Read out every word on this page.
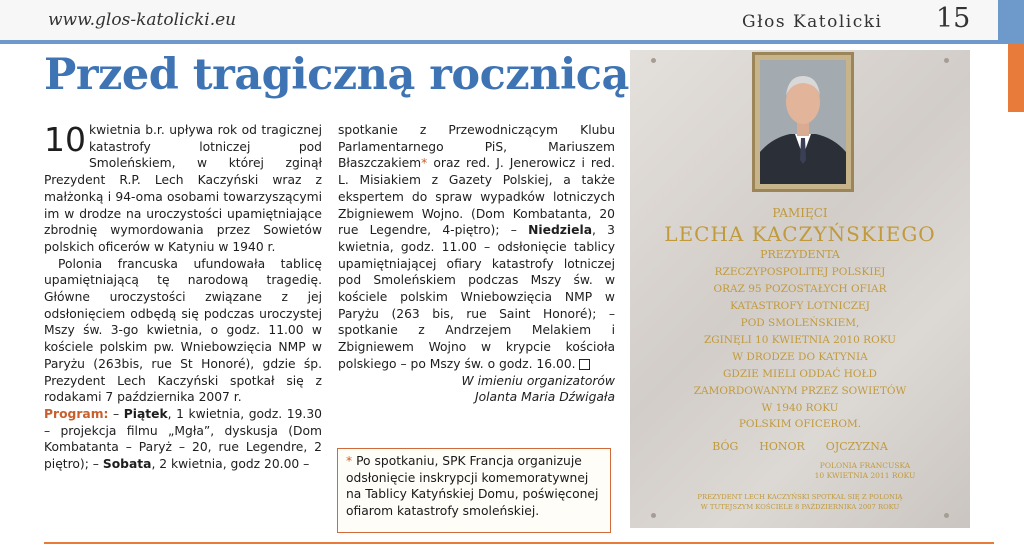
www.glos-katolicki.eu	Głos Katolicki 15
Przed tragiczną rocznicą

10 kwietnia b.r. upływa rok od tragicznej katastrofy lotniczej pod Smoleńskiem, w której zginął Prezydent R.P. Lech Kaczyński wraz z małżonką i 94-oma osobami towarzyszącymi im w drodze na uroczystości upamiętniające zbrodnię wymordowania przez Sowietów polskich oficerów w Katyniu w 1940 r.

Polonia francuska ufundowała tablicę upamiętniającą tę narodową tragedię. Główne uroczystości związane z jej odsłonięciem odbędą się podczas uroczystej Mszy św. 3-go kwietnia, o godz. 11.00 w kościele polskim pw. Wniebowzięcia NMP w Paryżu (263bis, rue St Honoré), gdzie śp. Prezydent Lech Kaczyński spotkał się z rodakami 7 października 2007 r.

Program: – Piątek, 1 kwietnia, godz. 19.30 – projekcja filmu „Mgła”, dyskusja (Dom Kombatanta – Paryż – 20, rue Legendre, 2 piętro); – Sobata, 2 kwietnia, godz 20.00 –

spotkanie z Przewodniczącym Klubu Parlamentarnego PiS, Mariuszem Błaszczakiem* oraz red. J. Jenerowicz i red. L. Misiakiem z Gazety Polskiej, a także ekspertem do spraw wypadków lotniczych Zbigniewem Wojno. (Dom Kombatanta, 20 rue Legendre, 4-piętro); – Niedziela, 3 kwietnia, godz. 11.00 – odsłonięcie tablicy upamiętniającej ofiary katastrofy lotniczej pod Smoleńskiem podczas Mszy św. w kościele polskim Wniebowzięcia NMP w Paryżu (263 bis, rue Saint Honoré); – spotkanie z Andrzejem Melakiem i Zbigniewem Wojno w krypcie kościoła polskiego – po Mszy św. o godz. 16.00.

W imieniu organizatorów
Jolanta Maria Dźwigała
* Po spotkaniu, SPK Francja organizuje odsłonięcie inskrypcji komemoratywnej na Tablicy Katyńskiej Domu, poświęconej ofiarom katastrofy smoleńskiej.
PAMIĘCI
LECHA KACZYŃSKIEGO
PREZYDENTA
RZECZYPOSPOLITEJ POLSKIEJ
ORAZ 95 POZOSTAŁYCH OFIAR
KATASTROFY LOTNICZEJ
POD SMOLEŃSKIEM,
ZGINĘLI 10 KWIETNIA 2010 ROKU
W DRODZE DO KATYNIA
GDZIE MIELI ODDAĆ HOŁD
ZAMORDOWANYM PRZEZ SOWIETÓW
W 1940 ROKU
POLSKIM OFICEROM.
BÓG      HONOR      OJCZYZNA
POLONIA FRANCUSKA
10 KWIETNIA 2011 ROKU
PREZYDENT LECH KACZYŃSKI SPOTKAŁ SIĘ Z POLONIĄ
W TUTEJSZYM KOŚCIELE 8 PAŹDZIERNIKA 2007 ROKU
